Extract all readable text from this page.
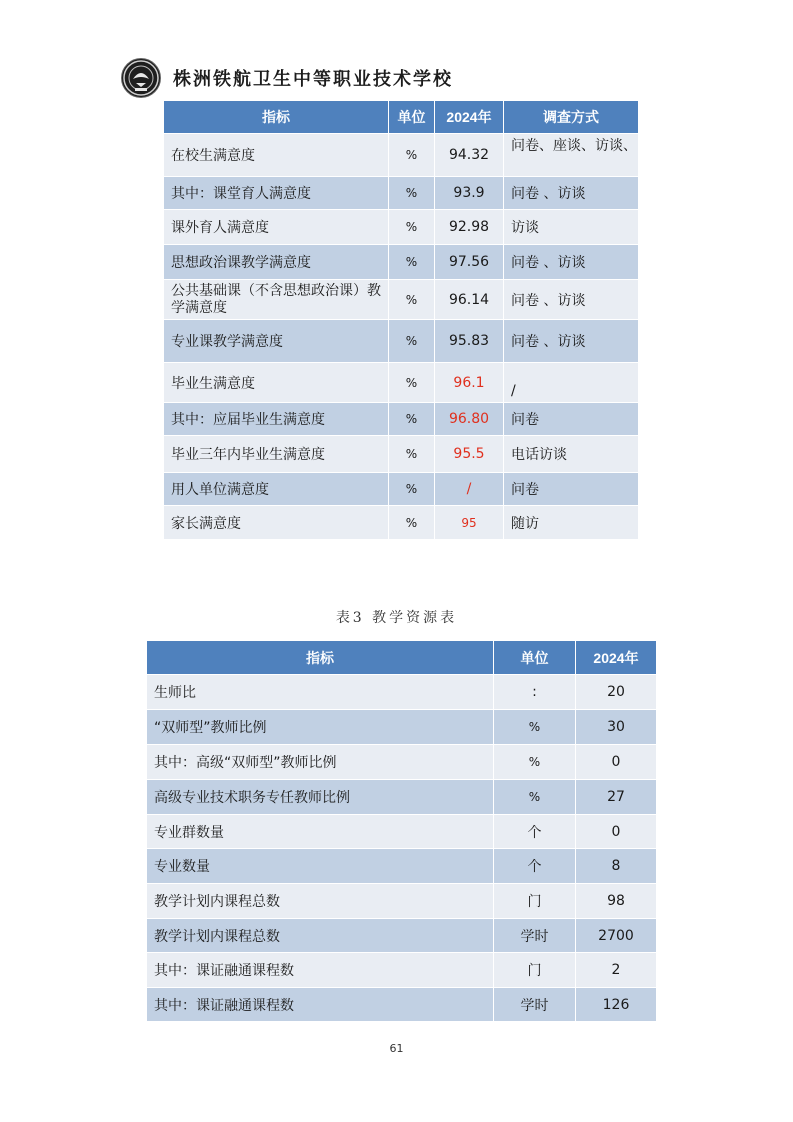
株洲铁航卫生中等职业技术学校
指标	单位	2024年	调查方式
在校生满意度	%	94.32	问卷、座谈、访谈、
其中：课堂育人满意度	%	93.9	问卷 、访谈
课外育人满意度	%	92.98	访谈
思想政治课教学满意度	%	97.56	问卷 、访谈
公共基础课（不含思想政治课）教学满意度	%	96.14	问卷 、访谈
专业课教学满意度	%	95.83	问卷 、访谈
毕业生满意度	%	96.1	/
其中：应届毕业生满意度	%	96.80	问卷
毕业三年内毕业生满意度	%	95.5	电话访谈
用人单位满意度	%	/	问卷
家长满意度	%	95	随访
表3 教学资源表
指标	单位	2024年
生师比	:	20
“双师型”教师比例	%	30
其中：高级“双师型”教师比例	%	0
高级专业技术职务专任教师比例	%	27
专业群数量	个	0
专业数量	个	8
教学计划内课程总数	门	98
教学计划内课程总数	学时	2700
其中：课证融通课程数	门	2
其中：课证融通课程数	学时	126
61
